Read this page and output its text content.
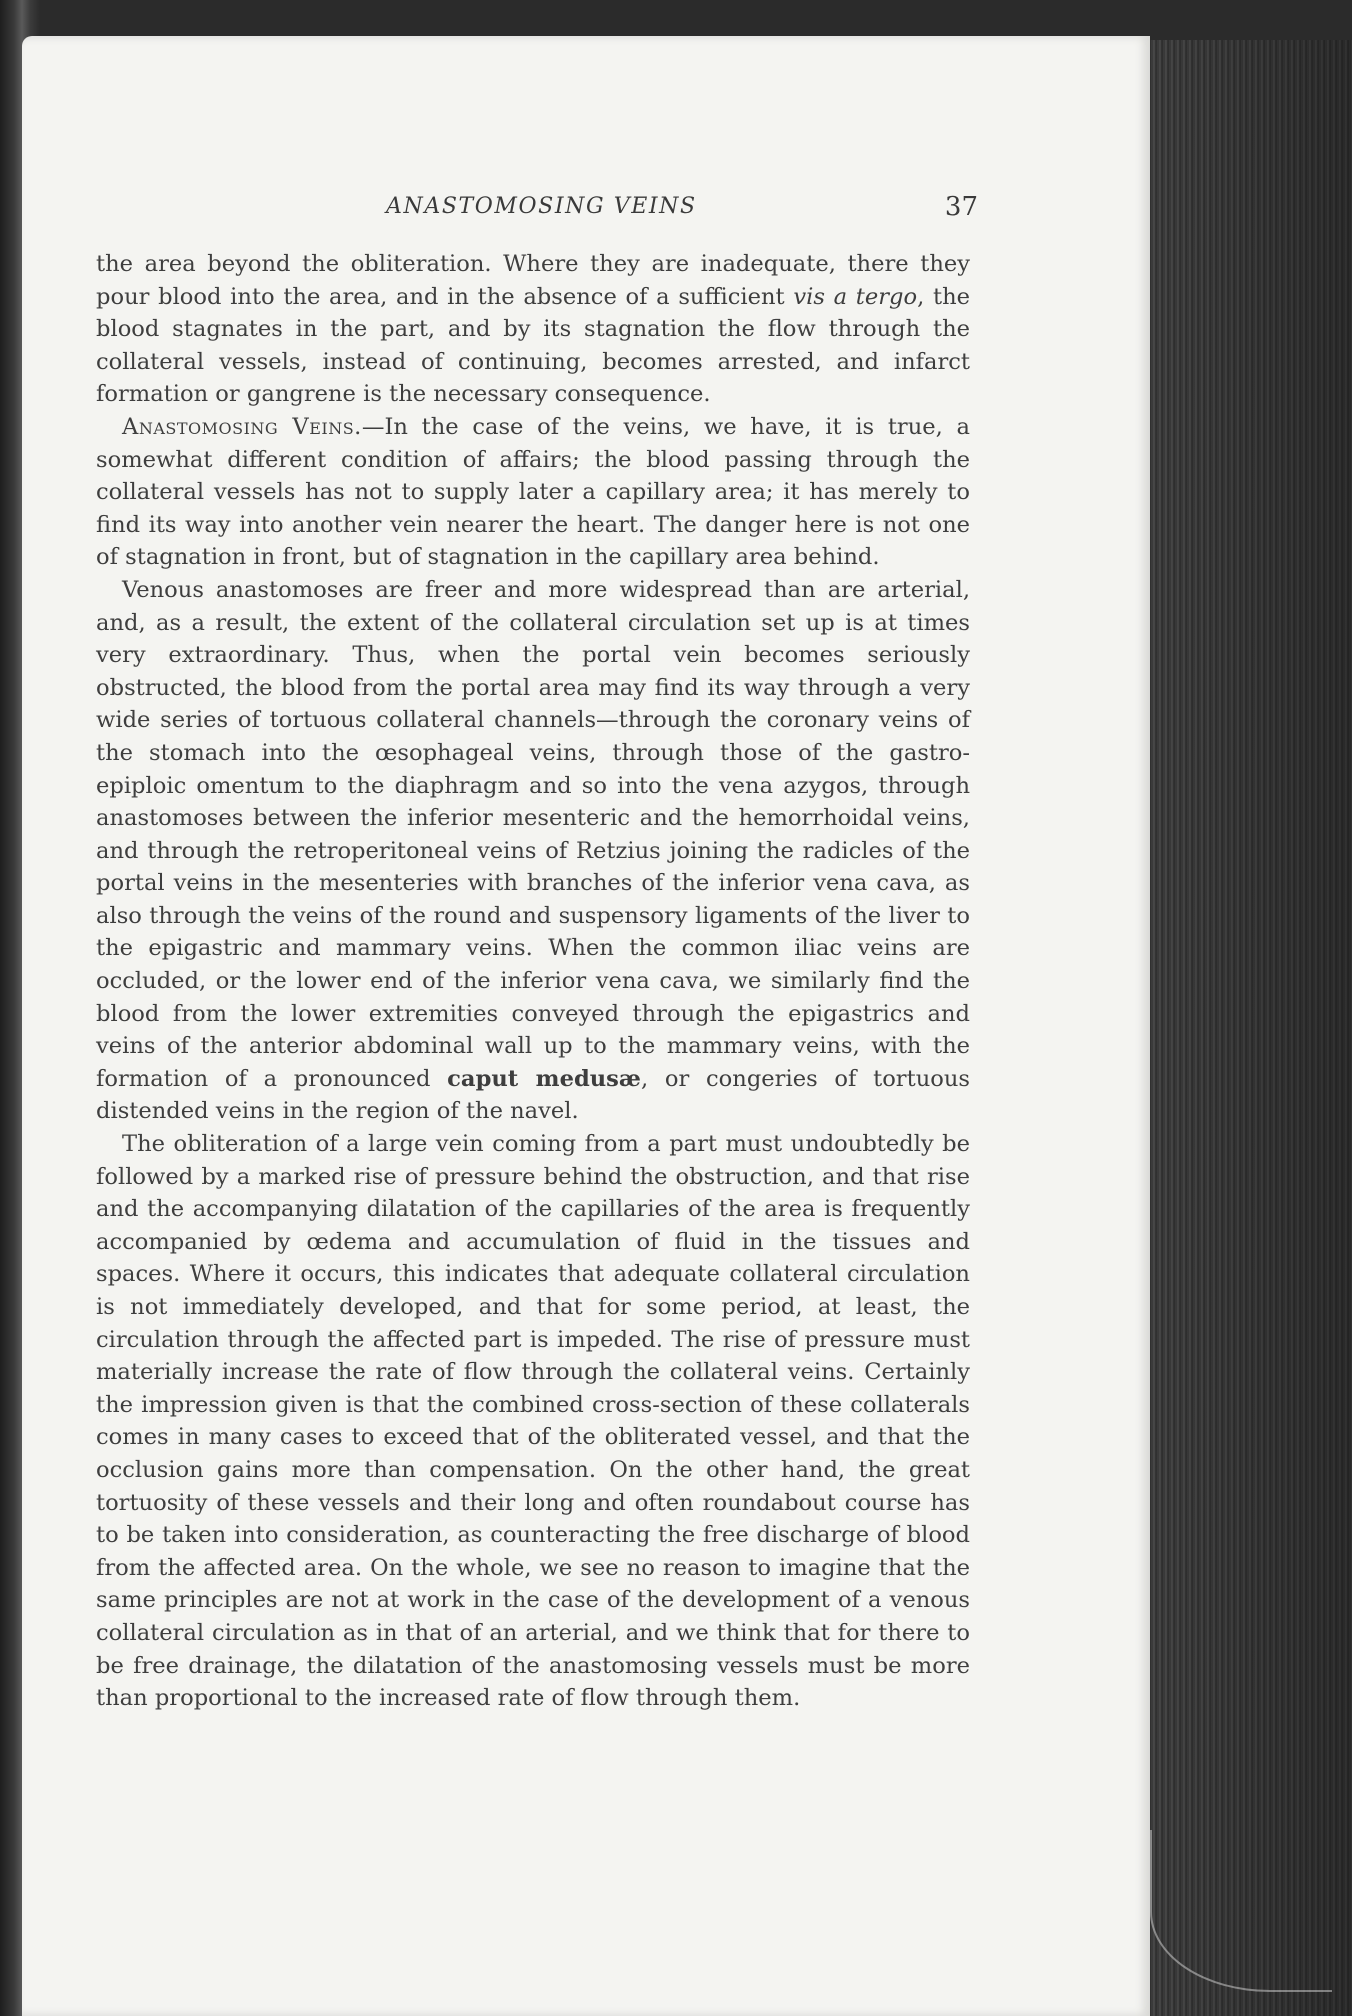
ANASTOMOSING VEINS	37

the area beyond the obliteration. Where they are inadequate, there they pour blood into the area, and in the absence of a sufficient vis a tergo, the blood stagnates in the part, and by its stagnation the flow through the collateral vessels, instead of continuing, becomes arrested, and infarct formation or gangrene is the necessary consequence.

Anastomosing Veins.—In the case of the veins, we have, it is true, a somewhat different condition of affairs; the blood passing through the collateral vessels has not to supply later a capillary area; it has merely to find its way into another vein nearer the heart. The danger here is not one of stagnation in front, but of stagnation in the capillary area behind.

Venous anastomoses are freer and more widespread than are arterial, and, as a result, the extent of the collateral circulation set up is at times very extraordinary. Thus, when the portal vein becomes seriously obstructed, the blood from the portal area may find its way through a very wide series of tortuous collateral channels—through the coronary veins of the stomach into the œsophageal veins, through those of the gastro-epiploic omentum to the diaphragm and so into the vena azygos, through anastomoses between the inferior mesenteric and the hemorrhoidal veins, and through the retroperitoneal veins of Retzius joining the radicles of the portal veins in the mesenteries with branches of the inferior vena cava, as also through the veins of the round and suspensory ligaments of the liver to the epigastric and mammary veins. When the common iliac veins are occluded, or the lower end of the inferior vena cava, we similarly find the blood from the lower extremities conveyed through the epigastrics and veins of the anterior abdominal wall up to the mammary veins, with the formation of a pronounced caput medusæ, or congeries of tortuous distended veins in the region of the navel.

The obliteration of a large vein coming from a part must undoubtedly be followed by a marked rise of pressure behind the obstruction, and that rise and the accompanying dilatation of the capillaries of the area is frequently accompanied by œdema and accumulation of fluid in the tissues and spaces. Where it occurs, this indicates that adequate collateral circulation is not immediately developed, and that for some period, at least, the circulation through the affected part is impeded. The rise of pressure must materially increase the rate of flow through the collateral veins. Certainly the impression given is that the combined cross-section of these collaterals comes in many cases to exceed that of the obliterated vessel, and that the occlusion gains more than compensation. On the other hand, the great tortuosity of these vessels and their long and often roundabout course has to be taken into consideration, as counteracting the free discharge of blood from the affected area. On the whole, we see no reason to imagine that the same principles are not at work in the case of the development of a venous collateral circulation as in that of an arterial, and we think that for there to be free drainage, the dilatation of the anastomosing vessels must be more than proportional to the increased rate of flow through them.
